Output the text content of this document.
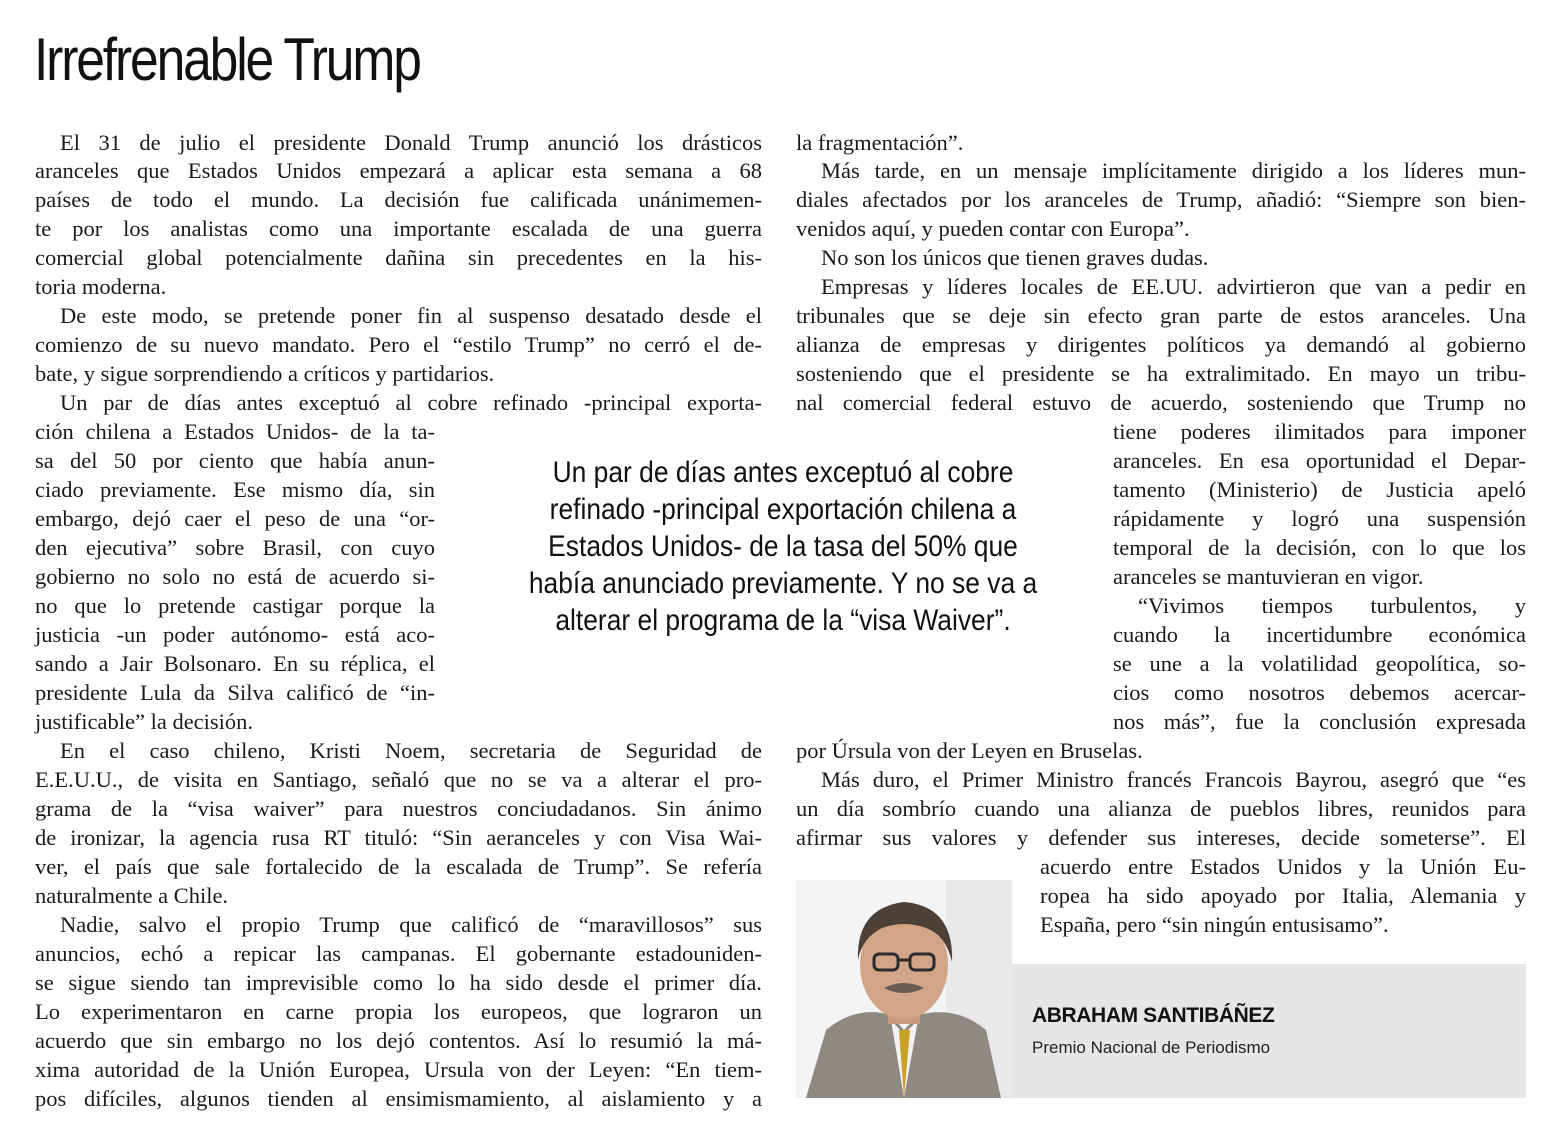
Irrefrenable Trump
El 31 de julio el presidente Donald Trump anunció los drásticos
aranceles que Estados Unidos empezará a aplicar esta semana a 68
países de todo el mundo. La decisión fue calificada unánimemen-
te por los analistas como una importante escalada de una guerra
comercial global potencialmente dañina sin precedentes en la his-
toria moderna.
De este modo, se pretende poner fin al suspenso desatado desde el
comienzo de su nuevo mandato. Pero el “estilo Trump” no cerró el de-
bate, y sigue sorprendiendo a críticos y partidarios.
Un par de días antes exceptuó al cobre refinado -principal exporta-
ción chilena a Estados Unidos- de la ta-
sa del 50 por ciento que había anun-
ciado previamente. Ese mismo día, sin
embargo, dejó caer el peso de una “or-
den ejecutiva” sobre Brasil, con cuyo
gobierno no solo no está de acuerdo si-
no que lo pretende castigar porque la
justicia -un poder autónomo- está aco-
sando a Jair Bolsonaro. En su réplica, el
presidente Lula da Silva calificó de “in-
justificable” la decisión.
En el caso chileno, Kristi Noem, secretaria de Seguridad de
E.E.U.U., de visita en Santiago, señaló que no se va a alterar el pro-
grama de la “visa waiver” para nuestros conciudadanos. Sin ánimo
de ironizar, la agencia rusa RT tituló: “Sin aeranceles y con Visa Wai-
ver, el país que sale fortalecido de la escalada de Trump”. Se refería
naturalmente a Chile.
Nadie, salvo el propio Trump que calificó de “maravillosos” sus
anuncios, echó a repicar las campanas. El gobernante estadouniden-
se sigue siendo tan imprevisible como lo ha sido desde el primer día.
Lo experimentaron en carne propia los europeos, que lograron un
acuerdo que sin embargo no los dejó contentos. Así lo resumió la má-
xima autoridad de la Unión Europea, Ursula von der Leyen: “En tiem-
pos difíciles, algunos tienden al ensimismamiento, al aislamiento y a
la fragmentación”.
Más tarde, en un mensaje implícitamente dirigido a los líderes mun-
diales afectados por los aranceles de Trump, añadió: “Siempre son bien-
venidos aquí, y pueden contar con Europa”.
No son los únicos que tienen graves dudas.
Empresas y líderes locales de EE.UU. advirtieron que van a pedir en
tribunales que se deje sin efecto gran parte de estos aranceles. Una
alianza de empresas y dirigentes políticos ya demandó al gobierno
sosteniendo que el presidente se ha extralimitado. En mayo un tribu-
nal comercial federal estuvo de acuerdo, sosteniendo que Trump no
tiene poderes ilimitados para imponer
aranceles. En esa oportunidad el Depar-
tamento (Ministerio) de Justicia apeló
rápidamente y logró una suspensión
temporal de la decisión, con lo que los
aranceles se mantuvieran en vigor.
“Vivimos tiempos turbulentos, y
cuando la incertidumbre económica
se une a la volatilidad geopolítica, so-
cios como nosotros debemos acercar-
nos más”, fue la conclusión expresada
por Úrsula von der Leyen en Bruselas.
Más duro, el Primer Ministro francés Francois Bayrou, asegró que “es
un día sombrío cuando una alianza de pueblos libres, reunidos para
afirmar sus valores y defender sus intereses, decide someterse”. El
acuerdo entre Estados Unidos y la Unión Eu-
ropea ha sido apoyado por Italia, Alemania y
España, pero “sin ningún entusisamo”.
Un par de días antes exceptuó al cobre
refinado -principal exportación chilena a
Estados Unidos- de la tasa del 50% que
había anunciado previamente. Y no se va a
alterar el programa de la “visa Waiver”.
ABRAHAM SANTIBÁÑEZ
Premio Nacional de Periodismo
